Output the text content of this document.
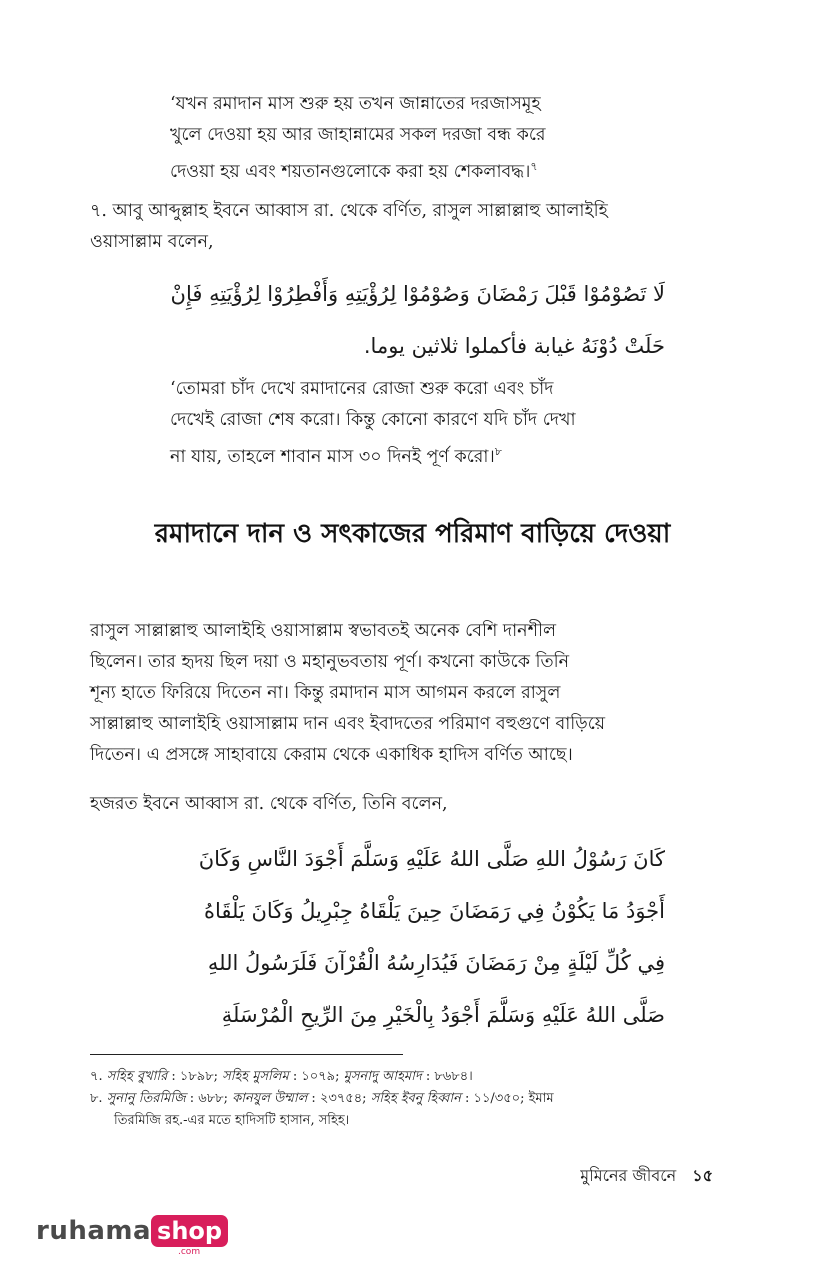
‘যখন রমাদান মাস শুরু হয় তখন জান্নাতের দরজাসমূহ
খুলে দেওয়া হয় আর জাহান্নামের সকল দরজা বন্ধ করে
দেওয়া হয় এবং শয়তানগুলোকে করা হয় শেকলাবদ্ধ।$^৭$
৭. আবু আব্দুল্লাহ ইবনে আব্বাস রা. থেকে বর্ণিত, রাসুল সাল্লাল্লাহু আলাইহি
ওয়াসাল্লাম বলেন,
لَا تَصُوْمُوْا قَبْلَ رَمْضَانَ وَصُوْمُوْا لِرُؤْيَتِهِ وَأَفْطِرُوْا لِرُؤْيَتِهِ فَإِنْ
حَلَتْ دُوْنَهُ غيابة فأكملوا ثلاثين يوما.
‘তোমরা চাঁদ দেখে রমাদানের রোজা শুরু করো এবং চাঁদ
দেখেই রোজা শেষ করো। কিন্তু কোনো কারণে যদি চাঁদ দেখা
না যায়, তাহলে শাবান মাস ৩০ দিনই পূর্ণ করো।$^৮$
রমাদানে দান ও সৎকাজের পরিমাণ বাড়িয়ে দেওয়া
রাসুল সাল্লাল্লাহু আলাইহি ওয়াসাল্লাম স্বভাবতই অনেক বেশি দানশীল
ছিলেন। তার হৃদয় ছিল দয়া ও মহানুভবতায় পূর্ণ। কখনো কাউকে তিনি
শূন্য হাতে ফিরিয়ে দিতেন না। কিন্তু রমাদান মাস আগমন করলে রাসুল
সাল্লাল্লাহু আলাইহি ওয়াসাল্লাম দান এবং ইবাদতের পরিমাণ বহুগুণে বাড়িয়ে
দিতেন। এ প্রসঙ্গে সাহাবায়ে কেরাম থেকে একাধিক হাদিস বর্ণিত আছে।
হজরত ইবনে আব্বাস রা. থেকে বর্ণিত, তিনি বলেন,
كَانَ رَسُوْلُ اللهِ صَلَّى اللهُ عَلَيْهِ وَسَلَّمَ أَجْوَدَ النَّاسِ وَكَانَ
أَجْوَدُ مَا يَكُوْنُ فِي رَمَضَانَ حِينَ يَلْقَاهُ جِبْرِيلُ وَكَانَ يَلْقَاهُ
فِي كُلِّ لَيْلَةٍ مِنْ رَمَضَانَ فَيُدَارِسُهُ الْقُرْآنَ فَلَرَسُولُ اللهِ
صَلَّى اللهُ عَلَيْهِ وَسَلَّمَ أَجْوَدُ بِالْخَيْرِ مِنَ الرِّيحِ الْمُرْسَلَةِ
৭. সহিহ বুখারি : ১৮৯৮; সহিহ মুসলিম : ১০৭৯; মুসনাদু আহমাদ : ৮৬৮৪।
৮. সুনানু তিরমিজি : ৬৮৮; কানযুল উম্মাল : ২৩৭৫৪; সহিহ ইবনু হিব্বান : ১১/৩৫০; ইমাম
তিরমিজি রহ.-এর মতে হাদিসটি হাসান, সহিহ।
মুমিনের জীবনে ১৫
ruhama shop
.com
